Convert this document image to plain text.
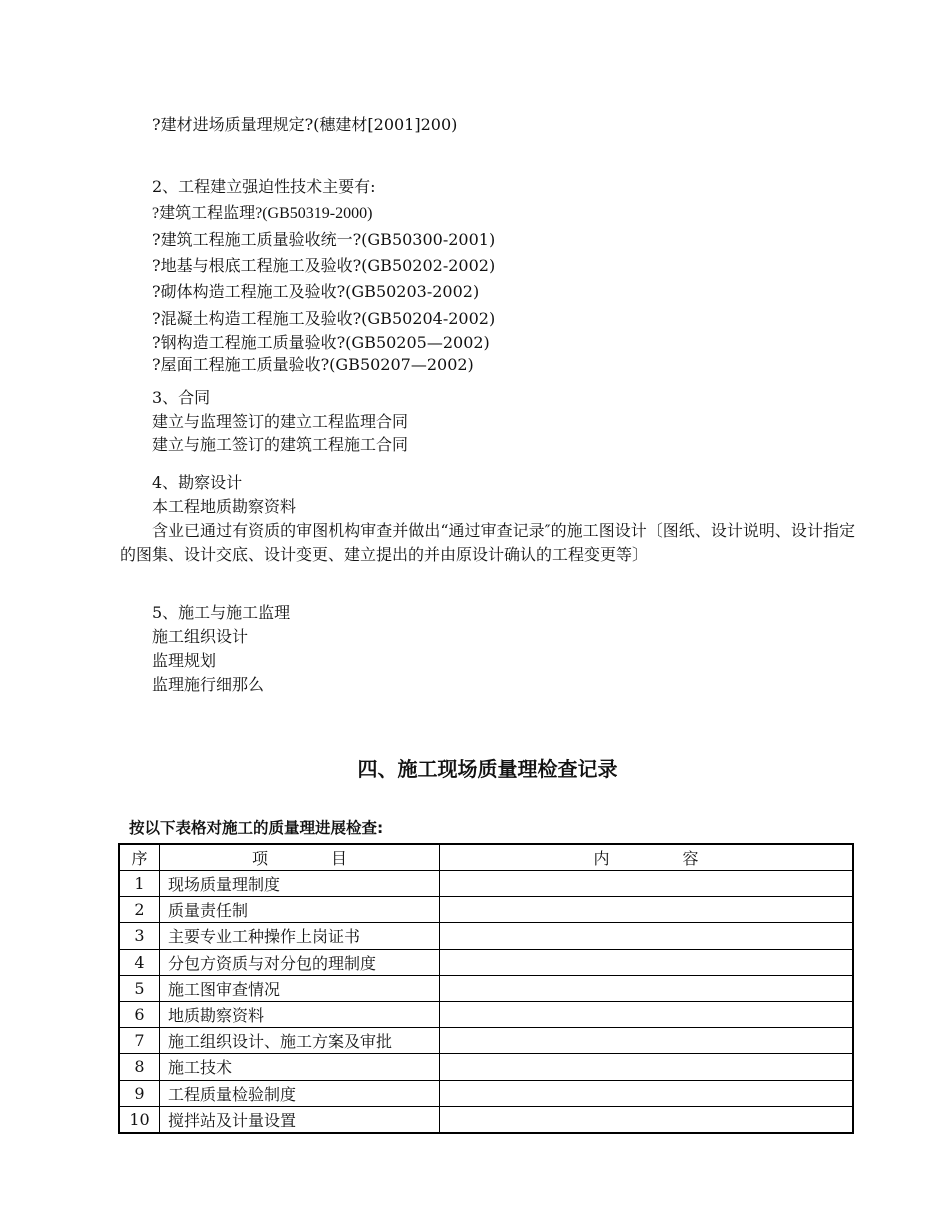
?建材进场质量理规定?(穗建材[2001]200)

2、工程建立强迫性技术主要有:

?建筑工程监理?(GB50319-2000)

?建筑工程施工质量验收统一?(GB50300-2001)

?地基与根底工程施工及验收?(GB50202-2002)

?砌体构造工程施工及验收?(GB50203-2002)

?混凝土构造工程施工及验收?(GB50204-2002)

?钢构造工程施工质量验收?(GB50205—2002)

?屋面工程施工质量验收?(GB50207—2002)

3、合同

建立与监理签订的建立工程监理合同

建立与施工签订的建筑工程施工合同

4、勘察设计

本工程地质勘察资料

含业已通过有资质的审图机构审查并做出“通过审查记录″的施工图设计〔图纸、设计说明、设计指定的图集、设计交底、设计变更、建立提出的并由原设计确认的工程变更等〕

5、施工与施工监理

施工组织设计

监理规划

监理施行细那么

四、施工现场质量理检查记录

按以下表格对施工的质量理进展检查:

序	项 目	内 容
1	现场质量理制度	
2	质量责任制	
3	主要专业工种操作上岗证书	
4	分包方资质与对分包的理制度	
5	施工图审查情况	
6	地质勘察资料	
7	施工组织设计、施工方案及审批	
8	施工技术	
9	工程质量检验制度	
10	搅拌站及计量设置	
